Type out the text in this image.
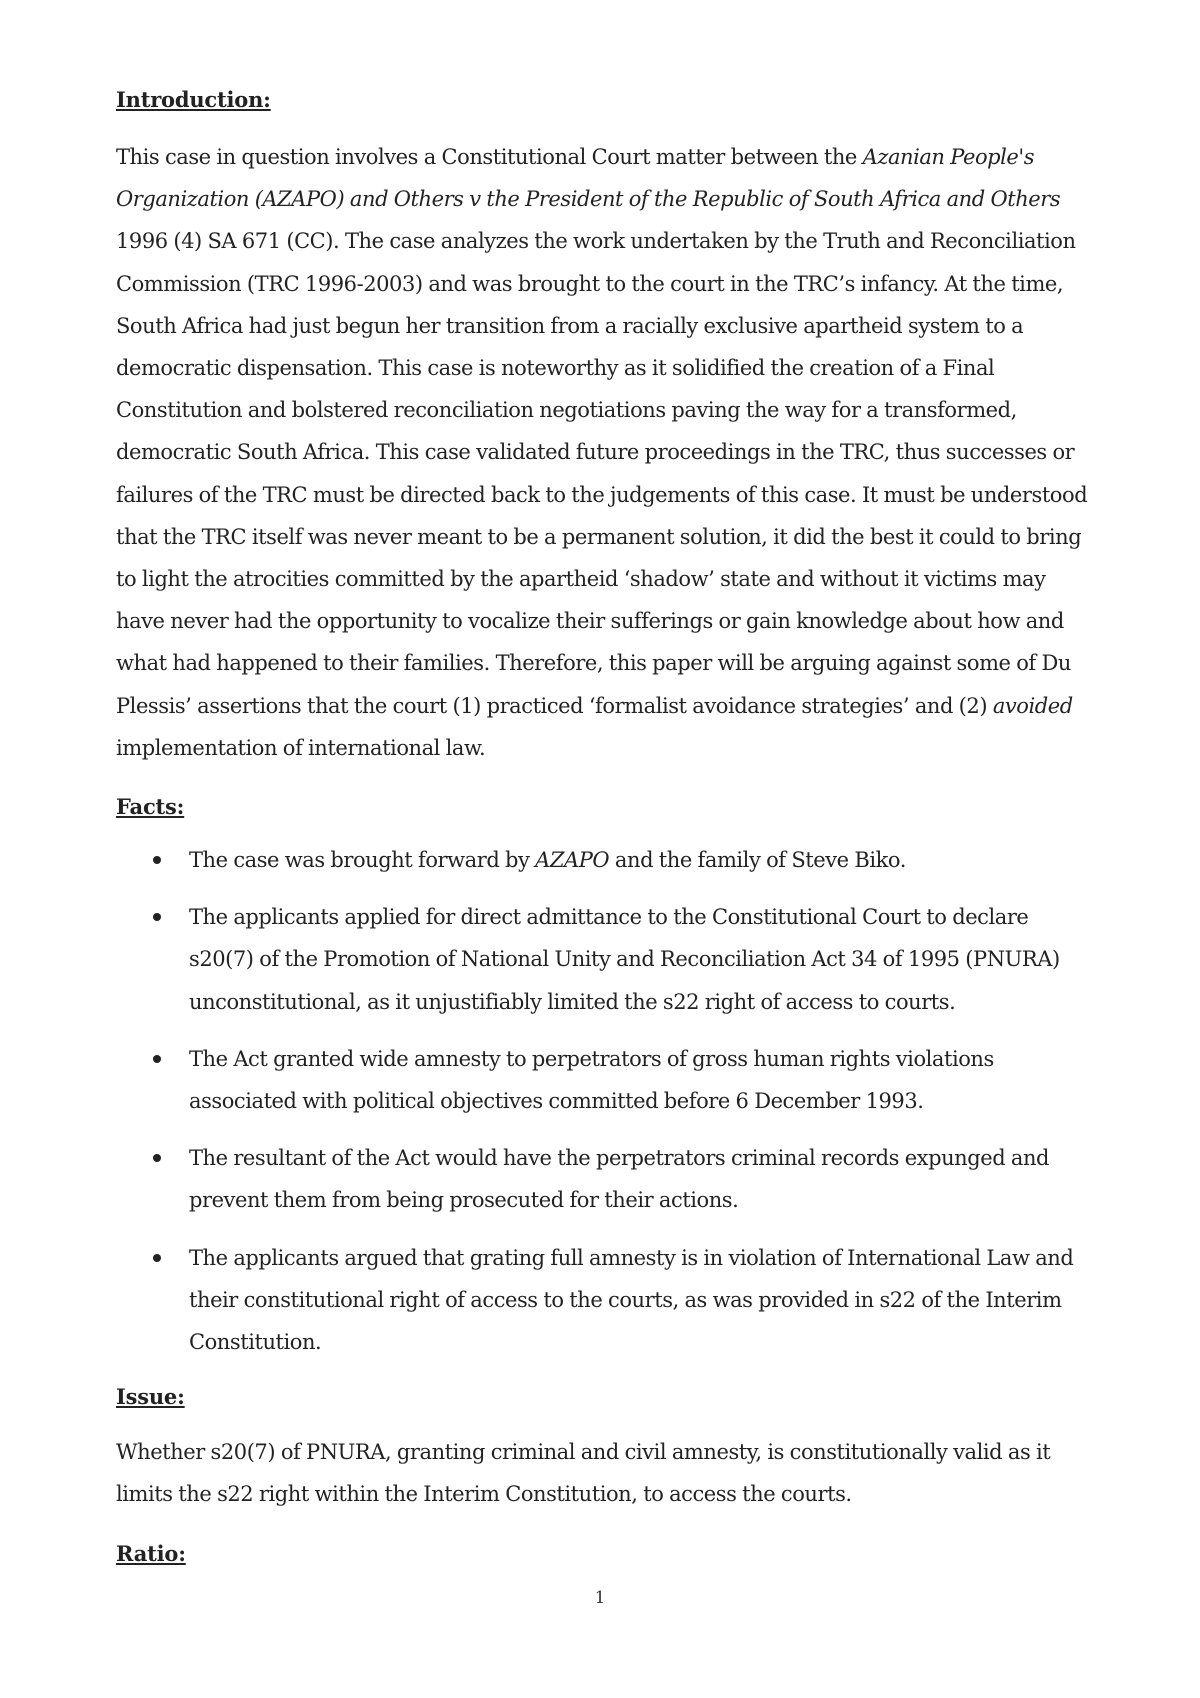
Introduction:

This case in question involves a Constitutional Court matter between the Azanian People's Organization (AZAPO) and Others v the President of the Republic of South Africa and Others 1996 (4) SA 671 (CC). The case analyzes the work undertaken by the Truth and Reconciliation Commission (TRC 1996-2003) and was brought to the court in the TRC’s infancy. At the time, South Africa had just begun her transition from a racially exclusive apartheid system to a democratic dispensation. This case is noteworthy as it solidified the creation of a Final Constitution and bolstered reconciliation negotiations paving the way for a transformed, democratic South Africa. This case validated future proceedings in the TRC, thus successes or failures of the TRC must be directed back to the judgements of this case. It must be understood that the TRC itself was never meant to be a permanent solution, it did the best it could to bring to light the atrocities committed by the apartheid ‘shadow’ state and without it victims may have never had the opportunity to vocalize their sufferings or gain knowledge about how and what had happened to their families. Therefore, this paper will be arguing against some of Du Plessis’ assertions that the court (1) practiced ‘formalist avoidance strategies’ and (2) avoided implementation of international law.

Facts:
The case was brought forward by AZAPO and the family of Steve Biko.
The applicants applied for direct admittance to the Constitutional Court to declare s20(7) of the Promotion of National Unity and Reconciliation Act 34 of 1995 (PNURA) unconstitutional, as it unjustifiably limited the s22 right of access to courts.
The Act granted wide amnesty to perpetrators of gross human rights violations associated with political objectives committed before 6 December 1993.
The resultant of the Act would have the perpetrators criminal records expunged and prevent them from being prosecuted for their actions.
The applicants argued that grating full amnesty is in violation of International Law and their constitutional right of access to the courts, as was provided in s22 of the Interim Constitution.
Issue:

Whether s20(7) of PNURA, granting criminal and civil amnesty, is constitutionally valid as it limits the s22 right within the Interim Constitution, to access the courts.

Ratio:
1
